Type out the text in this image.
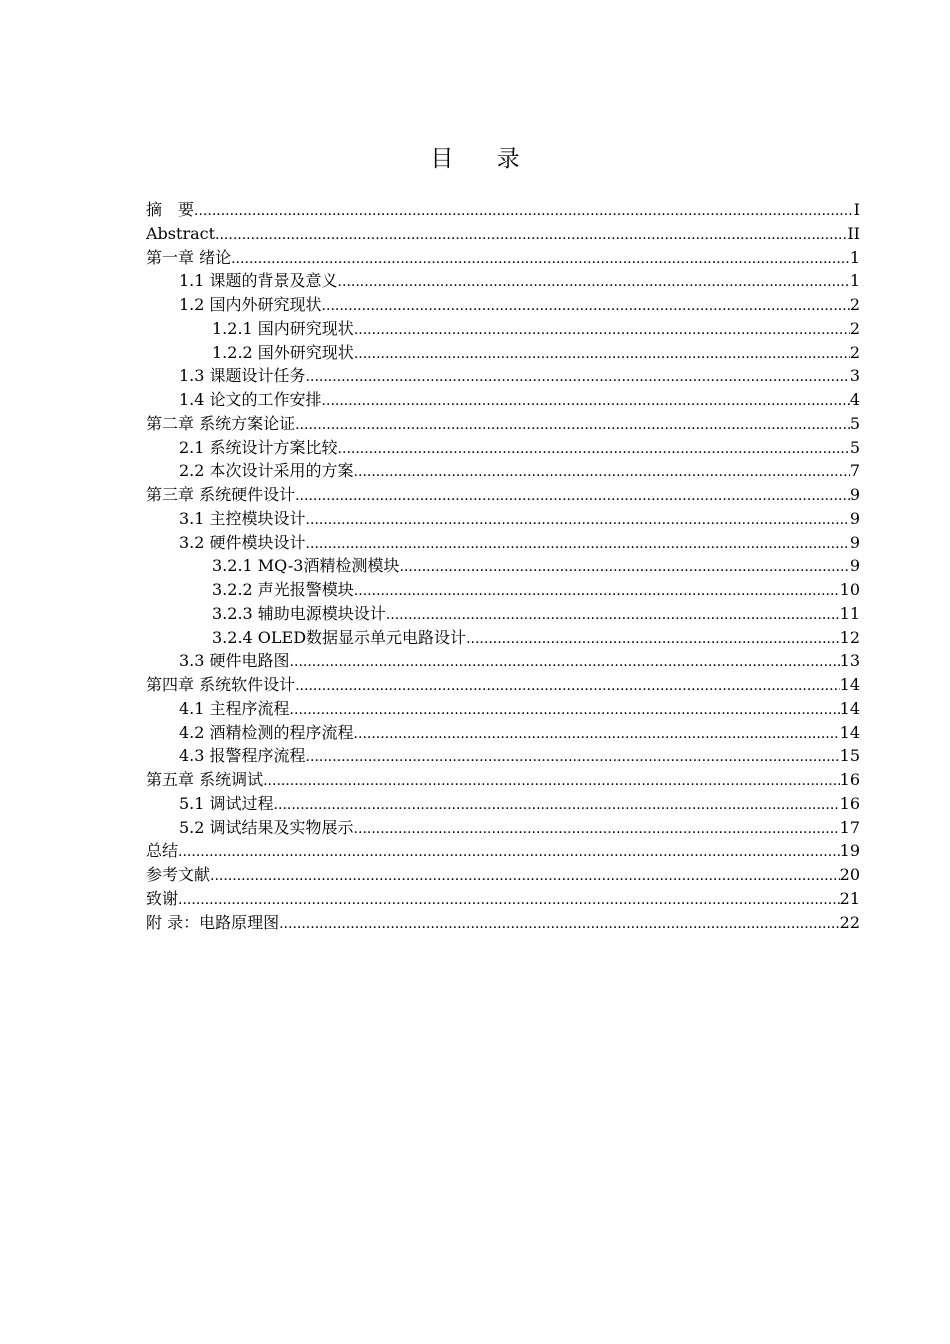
目 录
摘　要 .....	I
Abstract .....	II
第一章 绪论 .....	1
1.1 课题的背景及意义 .....	1
1.2 国内外研究现状 .....	2
1.2.1 国内研究现状 .....	2
1.2.2 国外研究现状 .....	2
1.3 课题设计任务 .....	3
1.4 论文的工作安排 .....	4
第二章 系统方案论证 .....	5
2.1 系统设计方案比较 .....	5
2.2 本次设计采用的方案 .....	7
第三章 系统硬件设计 .....	9
3.1 主控模块设计 .....	9
3.2 硬件模块设计 .....	9
3.2.1 MQ-3酒精检测模块 .....	9
3.2.2 声光报警模块 .....	10
3.2.3 辅助电源模块设计 .....	11
3.2.4 OLED数据显示单元电路设计 .....	12
3.3 硬件电路图 .....	13
第四章 系统软件设计 .....	14
4.1 主程序流程 .....	14
4.2 酒精检测的程序流程 .....	14
4.3 报警程序流程 .....	15
第五章 系统调试 .....	16
5.1 调试过程 .....	16
5.2 调试结果及实物展示 .....	17
总结 .....	19
参考文献 .....	20
致谢 .....	21
附 录：电路原理图 .....	22
